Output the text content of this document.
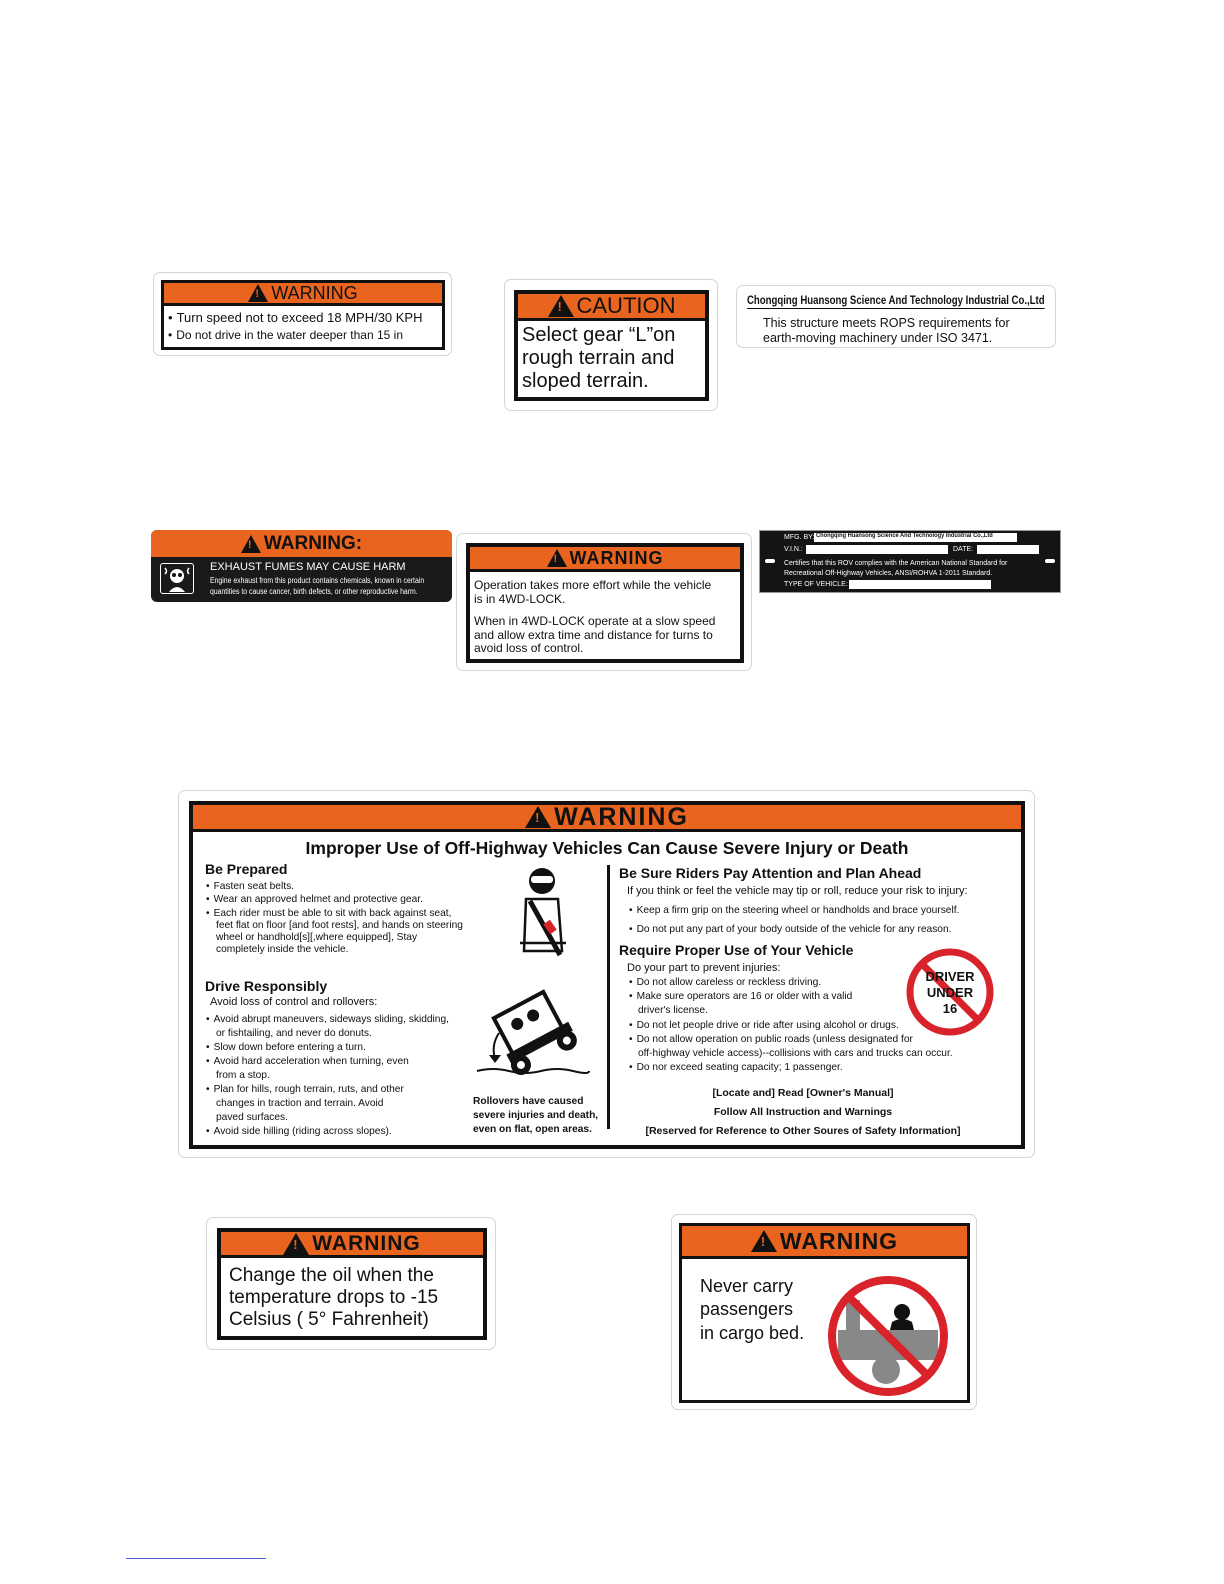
!
WARNING
• Turn speed not to exceed 18 MPH/30 KPH
• Do not drive in the water deeper than 15 in
!
CAUTION
Select gear “L”on
rough terrain and
sloped terrain.
Chongqing Huansong Science And Technology Industrial Co.,Ltd
This structure meets ROPS requirements for
earth-moving machinery under ISO 3471.
!
WARNING:
EXHAUST FUMES MAY CAUSE HARM
Engine exhaust from this product contains chemicals, known in certain
quantities to cause cancer, birth defects, or other reproductive harm.
!
WARNING
Operation takes more effort while the vehicle
is in 4WD-LOCK.
When in 4WD-LOCK operate at a slow speed
and allow extra time and distance for turns to
avoid loss of control.
MFG. BY: Chongqing Huansong Science And Technology Industrial Co.,Ltd
V.I.N.:	DATE:
Certifies that this ROV complies with the American National Standard for
Recreational Off-Highway Vehicles, ANSI/ROHVA 1-2011 Standard.
TYPE OF VEHICLE:
!
WARNING
Improper Use of Off-Highway Vehicles Can Cause Severe Injury or Death
Be Prepared
• Fasten seat belts.
• Wear an approved helmet and protective gear.
• Each rider must be able to sit with back against seat,
feet flat on floor [and foot rests], and hands on steering
wheel or handhold[s][,where equipped], Stay
completely inside the vehicle.
Drive Responsibly
Avoid loss of control and rollovers:
• Avoid abrupt maneuvers, sideways sliding, skidding,
or fishtailing, and never do donuts.
• Slow down before entering a turn.
• Avoid hard acceleration when turning, even
from a stop.
• Plan for hills, rough terrain, ruts, and other
changes in traction and terrain. Avoid
paved surfaces.
• Avoid side hilling (riding across slopes).
Rollovers have caused
severe injuries and death,
even on flat, open areas.
Be Sure Riders Pay Attention and Plan Ahead
If you think or feel the vehicle may tip or roll, reduce your risk to injury:
• Keep a firm grip on the steering wheel or handholds and brace yourself.
• Do not put any part of your body outside of the vehicle for any reason.
Require Proper Use of Your Vehicle
Do your part to prevent injuries:
• Do not allow careless or reckless driving.
• Make sure operators are 16 or older with a valid
driver's license.
• Do not let people drive or ride after using alcohol or drugs.
• Do not allow operation on public roads (unless designated for
off-highway vehicle access)--collisions with cars and trucks can occur.
• Do nor exceed seating capacity; 1 passenger.
DRIVER
UNDER
16
[Locate and] Read [Owner's Manual]
Follow All Instruction and Warnings
[Reserved for Reference to Other Soures of Safety Information]
!
WARNING
Change the oil when the
temperature drops to -15
Celsius ( 5° Fahrenheit)
!
WARNING
Never carry
passengers
in cargo bed.
